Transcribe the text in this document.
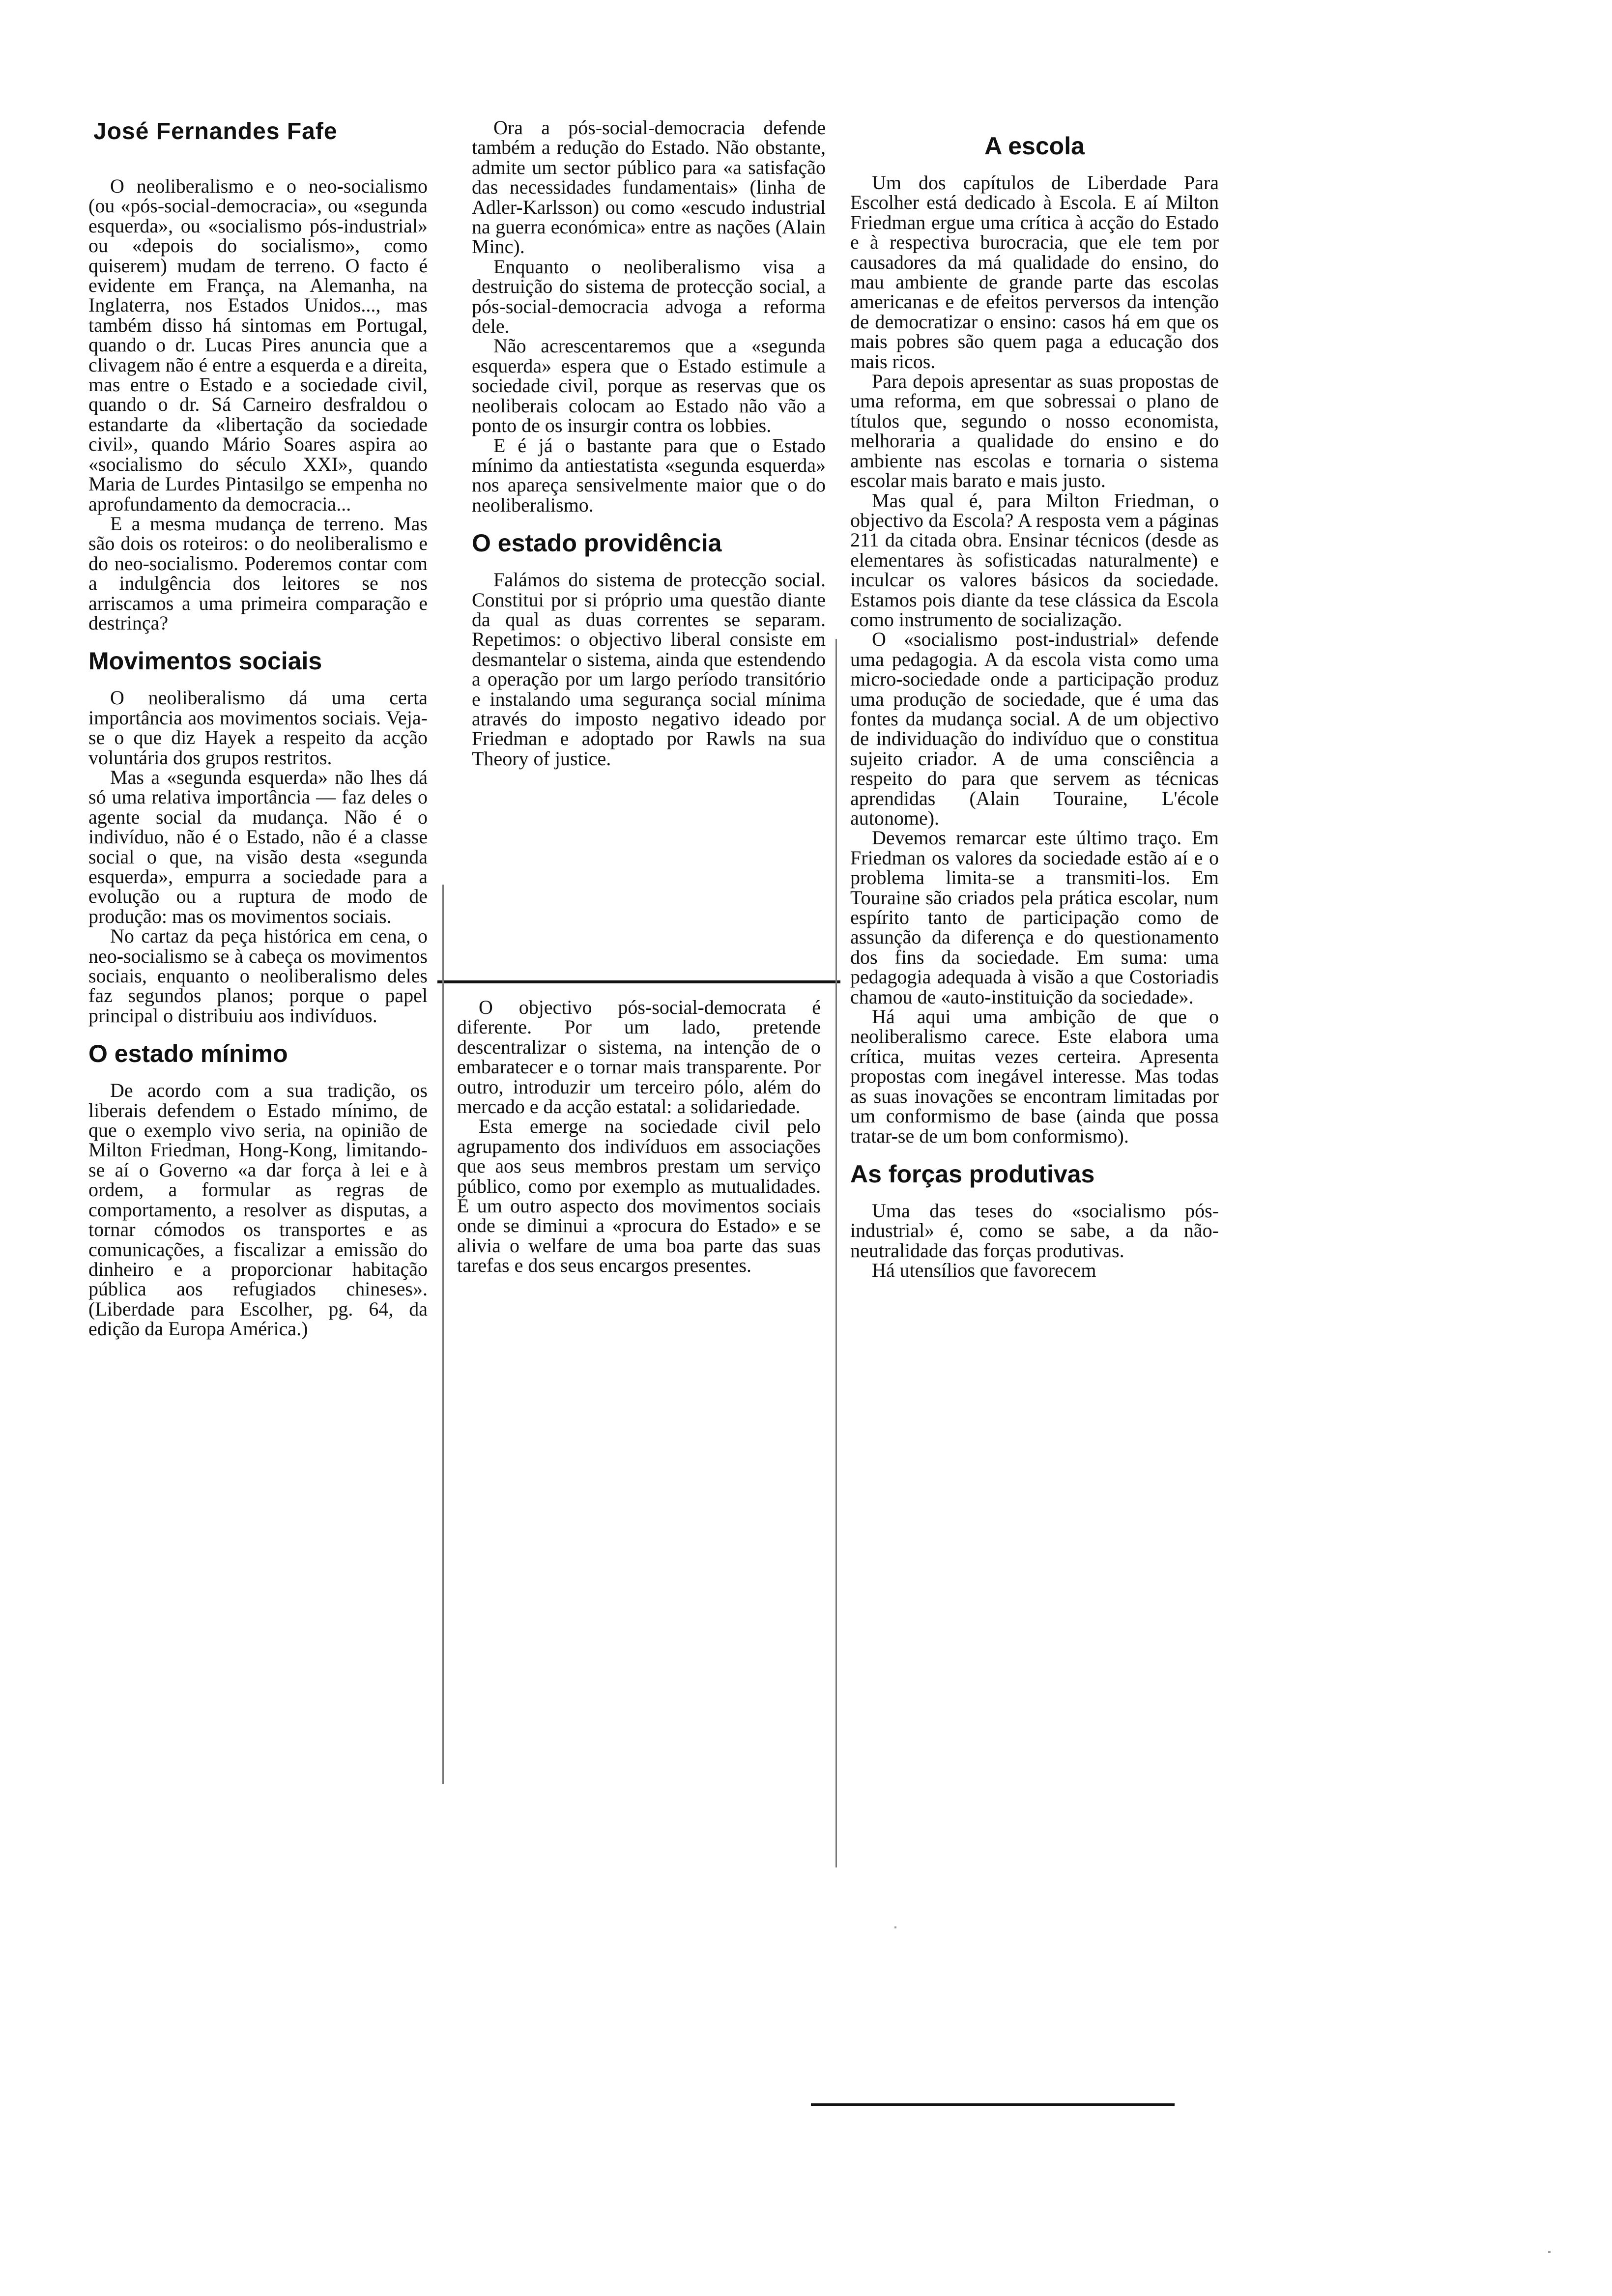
José Fernandes Fafe

O neoliberalismo e o neo-socialismo (ou «pós-social-democracia», ou «segunda esquerda», ou «socialismo pós-industrial» ou «depois do socialismo», como quiserem) mudam de terreno. O facto é evidente em França, na Alemanha, na Inglaterra, nos Estados Unidos..., mas também disso há sintomas em Portugal, quando o dr. Lucas Pires anuncia que a clivagem não é entre a esquerda e a direita, mas entre o Estado e a sociedade civil, quando o dr. Sá Carneiro desfraldou o estandarte da «libertação da sociedade civil», quando Mário Soares aspira ao «socialismo do século XXI», quando Maria de Lurdes Pintasilgo se empenha no aprofundamento da democracia...

E a mesma mudança de terreno. Mas são dois os roteiros: o do neoliberalismo e do neo-socialismo. Poderemos contar com a indulgência dos leitores se nos arriscamos a uma primeira comparação e destrinça?

Movimentos sociais

O neoliberalismo dá uma certa importância aos movimentos sociais. Veja-se o que diz Hayek a respeito da acção voluntária dos grupos restritos.

Mas a «segunda esquerda» não lhes dá só uma relativa importância — faz deles o agente social da mudança. Não é o indivíduo, não é o Estado, não é a classe social o que, na visão desta «segunda esquerda», empurra a sociedade para a evolução ou a ruptura de modo de produção: mas os movimentos sociais.

No cartaz da peça histórica em cena, o neo-socialismo se à cabeça os movimentos sociais, enquanto o neoliberalismo deles faz segundos planos; porque o papel principal o distribuiu aos indivíduos.

O estado mínimo

De acordo com a sua tradição, os liberais defendem o Estado mínimo, de que o exemplo vivo seria, na opinião de Milton Friedman, Hong-Kong, limitando-se aí o Governo «a dar força à lei e à ordem, a formular as regras de comportamento, a resolver as disputas, a tornar cómodos os transportes e as comunicações, a fiscalizar a emissão do dinheiro e a proporcionar habitação pública aos refugiados chineses». (Liberdade para Escolher, pg. 64, da edição da Europa América.)

Ora a pós-social-democracia defende também a redução do Estado. Não obstante, admite um sector público para «a satisfação das necessidades fundamentais» (linha de Adler-Karlsson) ou como «escudo industrial na guerra económica» entre as nações (Alain Minc).

Enquanto o neoliberalismo visa a destruição do sistema de protecção social, a pós-social-democracia advoga a reforma dele.

Não acrescentaremos que a «segunda esquerda» espera que o Estado estimule a sociedade civil, porque as reservas que os neoliberais colocam ao Estado não vão a ponto de os insurgir contra os lobbies.

E é já o bastante para que o Estado mínimo da antiestatista «segunda esquerda» nos apareça sensivelmente maior que o do neoliberalismo.

O estado providência

Falámos do sistema de protecção social. Constitui por si próprio uma questão diante da qual as duas correntes se separam. Repetimos: o objectivo liberal consiste em desmantelar o sistema, ainda que estendendo a operação por um largo período transitório e instalando uma segurança social mínima através do imposto negativo ideado por Friedman e adoptado por Rawls na sua Theory of justice.

O objectivo pós-social-democrata é diferente. Por um lado, pretende descentralizar o sistema, na intenção de o embaratecer e o tornar mais transparente. Por outro, introduzir um terceiro pólo, além do mercado e da acção estatal: a solidariedade.

Esta emerge na sociedade civil pelo agrupamento dos indivíduos em associações que aos seus membros prestam um serviço público, como por exemplo as mutualidades. É um outro aspecto dos movimentos sociais onde se diminui a «procura do Estado» e se alivia o welfare de uma boa parte das suas tarefas e dos seus encargos presentes.

A escola

Um dos capítulos de Liberdade Para Escolher está dedicado à Escola. E aí Milton Friedman ergue uma crítica à acção do Estado e à respectiva burocracia, que ele tem por causadores da má qualidade do ensino, do mau ambiente de grande parte das escolas americanas e de efeitos perversos da intenção de democratizar o ensino: casos há em que os mais pobres são quem paga a educação dos mais ricos.

Para depois apresentar as suas propostas de uma reforma, em que sobressai o plano de títulos que, segundo o nosso economista, melhoraria a qualidade do ensino e do ambiente nas escolas e tornaria o sistema escolar mais barato e mais justo.

Mas qual é, para Milton Friedman, o objectivo da Escola? A resposta vem a páginas 211 da citada obra. Ensinar técnicos (desde as elementares às sofisticadas naturalmente) e inculcar os valores básicos da sociedade. Estamos pois diante da tese clássica da Escola como instrumento de socialização.

O «socialismo post-industrial» defende uma pedagogia. A da escola vista como uma micro-sociedade onde a participação produz uma produção de sociedade, que é uma das fontes da mudança social. A de um objectivo de individuação do indivíduo que o constitua sujeito criador. A de uma consciência a respeito do para que servem as técnicas aprendidas (Alain Touraine, L'école autonome).

Devemos remarcar este último traço. Em Friedman os valores da sociedade estão aí e o problema limita-se a transmiti-los. Em Touraine são criados pela prática escolar, num espírito tanto de participação como de assunção da diferença e do questionamento dos fins da sociedade. Em suma: uma pedagogia adequada à visão a que Costoriadis chamou de «auto-instituição da sociedade».

Há aqui uma ambição de que o neoliberalismo carece. Este elabora uma crítica, muitas vezes certeira. Apresenta propostas com inegável interesse. Mas todas as suas inovações se encontram limitadas por um conformismo de base (ainda que possa tratar-se de um bom conformismo).

As forças produtivas

Uma das teses do «socialismo pós-industrial» é, como se sabe, a da não-neutralidade das forças produtivas.

Há utensílios que favorecem
